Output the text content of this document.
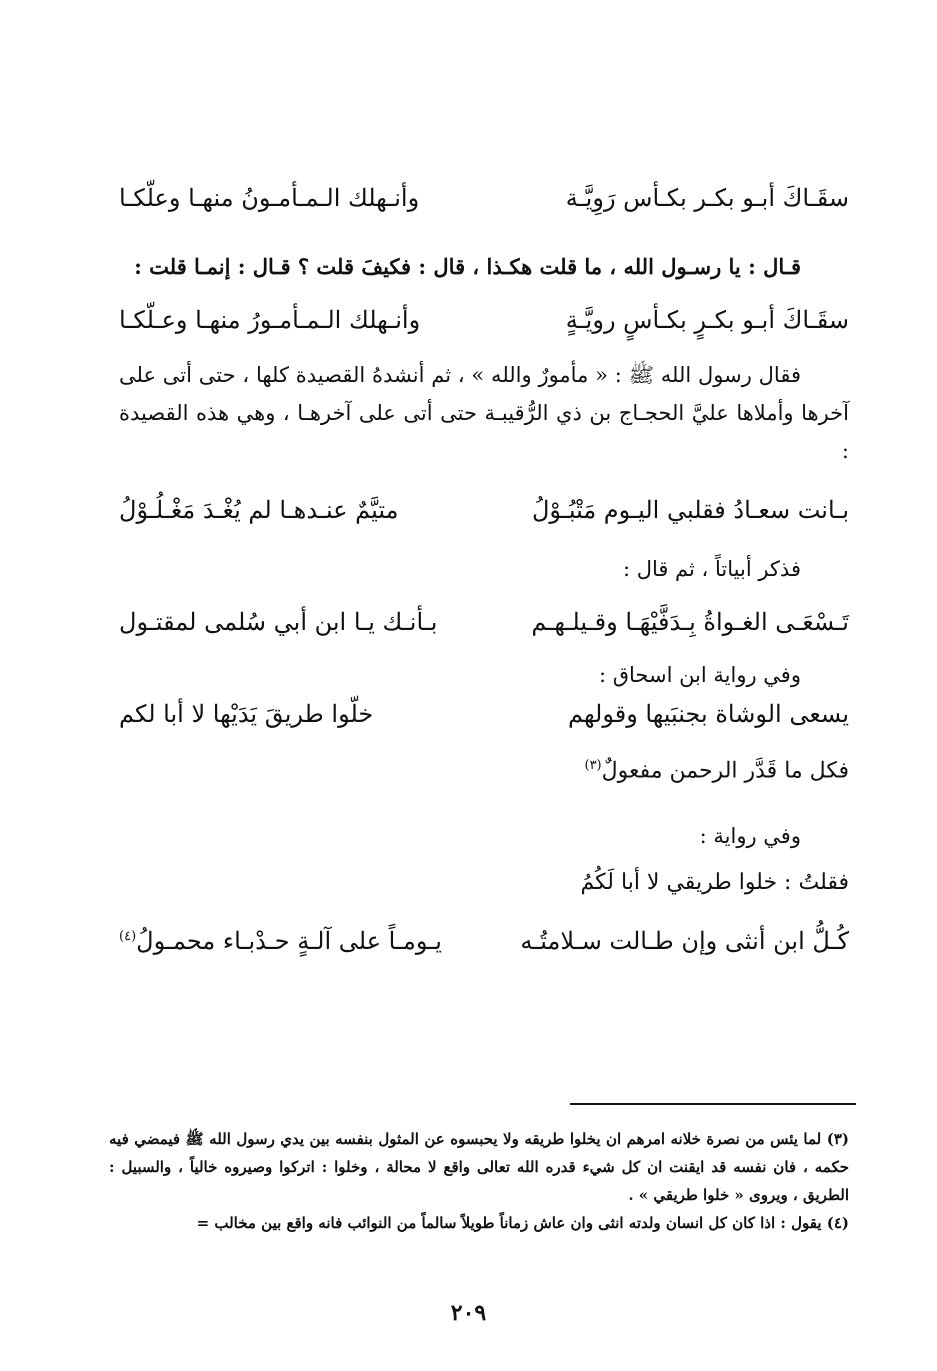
سقَـاكَ أبـو بكـر بكـأس رَوِيَّـة
وأنـهلك الـمـأمـونُ منهـا وعلّكـا

قـال : يا رسـول الله ، ما قلت هكـذا ، قال : فكيفَ قلت ؟ قـال : إنمـا قلت :

سقَـاكَ أبـو بكـرٍ بكـأسٍ رويَّـةٍ
وأنـهلك الـمـأمـورُ منهـا وعـلّكـا

فقال رسول الله ﷺ : « مأمورٌ والله » ، ثم أنشدهُ القصيدة كلها ، حتى أتى على آخرها وأملاها عليَّ الحجـاج بن ذي الرُّقيبـة حتى أتى على آخرهـا ، وهي هذه القصيدة :

بـانت سعـادُ فقلبي اليـوم مَتْبُـوْلُ
متيَّمٌ عنـدهـا لم يُغْـدَ مَغْـلُـوْلُ

فذكر أبياتاً ، ثم قال :

تَـسْعَـى الغـواةُ بِـدَفَّيْهَـا وقـيلـهـم
بـأنـك يـا ابن أبي سُلمى لمقتـول

وفي رواية ابن اسحاق :

يسعى الوشاة بجنبَيها وقولهم
خلّوا طريقَ يَدَيْها لا أبا لكم

فكل ما قَدَّر الرحمن مفعولٌ$^{(٣)}$

وفي رواية :

فقلتُ : خلوا طريقي لا أبا لَكُمُ

كُـلُّ ابن أنثى وإن طـالت سـلامتُـه
يـومـاً على آلـةٍ حـدْبـاء محمـولُ$^{(٤)}$

(٣) لما يئس من نصرة خلانه امرهم ان يخلوا طريقه ولا يحبسوه عن المثول بنفسه بين يدي رسول الله ﷺ فيمضي فيه حكمه ، فان نفسه قد ايقنت ان كل شيء قدره الله تعالى واقع لا محالة ، وخلوا : اتركوا وصيروه خالياً ، والسبيل : الطريق ، ويروى « خلوا طريقي » .

(٤) يقول : اذا كان كل انسان ولدته انثى وان عاش زماناً طويلاً سالماً من النوائب فانه واقع بين مخالب =

٢٠٩
